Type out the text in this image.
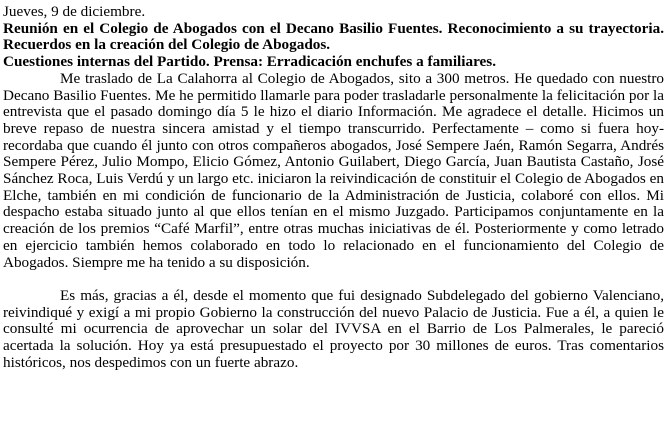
Jueves, 9 de diciembre.

Reunión en el Colegio de Abogados con el Decano Basilio Fuentes. Reconocimiento a su trayectoria. Recuerdos en la creación del Colegio de Abogados.

Cuestiones internas del Partido. Prensa: Erradicación enchufes a familiares.

Me traslado de La Calahorra al Colegio de Abogados, sito a 300 metros. He quedado con nuestro Decano Basilio Fuentes. Me he permitido llamarle para poder trasladarle personalmente la felicitación por la entrevista que el pasado domingo día 5 le hizo el diario Información. Me agradece el detalle. Hicimos un breve repaso de nuestra sincera amistad y el tiempo transcurrido. Perfectamente – como si fuera hoy- recordaba que cuando él junto con otros compañeros abogados, José Sempere Jaén, Ramón Segarra, Andrés Sempere Pérez, Julio Mompo, Elicio Gómez, Antonio Guilabert, Diego García, Juan Bautista Castaño, José Sánchez Roca, Luis Verdú y un largo etc. iniciaron la reivindicación de constituir el Colegio de Abogados en Elche, también en mi condición de funcionario de la Administración de Justicia, colaboré con ellos. Mi despacho estaba situado junto al que ellos tenían en el mismo Juzgado. Participamos conjuntamente en la creación de los premios “Café Marfil”, entre otras muchas iniciativas de él. Posteriormente y como letrado en ejercicio también hemos colaborado en todo lo relacionado en el funcionamiento del Colegio de Abogados. Siempre me ha tenido a su disposición.

Es más, gracias a él, desde el momento que fui designado Subdelegado del gobierno Valenciano, reivindiqué y exigí a mi propio Gobierno la construcción del nuevo Palacio de Justicia. Fue a él, a quien le consulté mi ocurrencia de aprovechar un solar del IVVSA en el Barrio de Los Palmerales, le pareció acertada la solución. Hoy ya está presupuestado el proyecto por 30 millones de euros. Tras comentarios históricos, nos despedimos con un fuerte abrazo.
